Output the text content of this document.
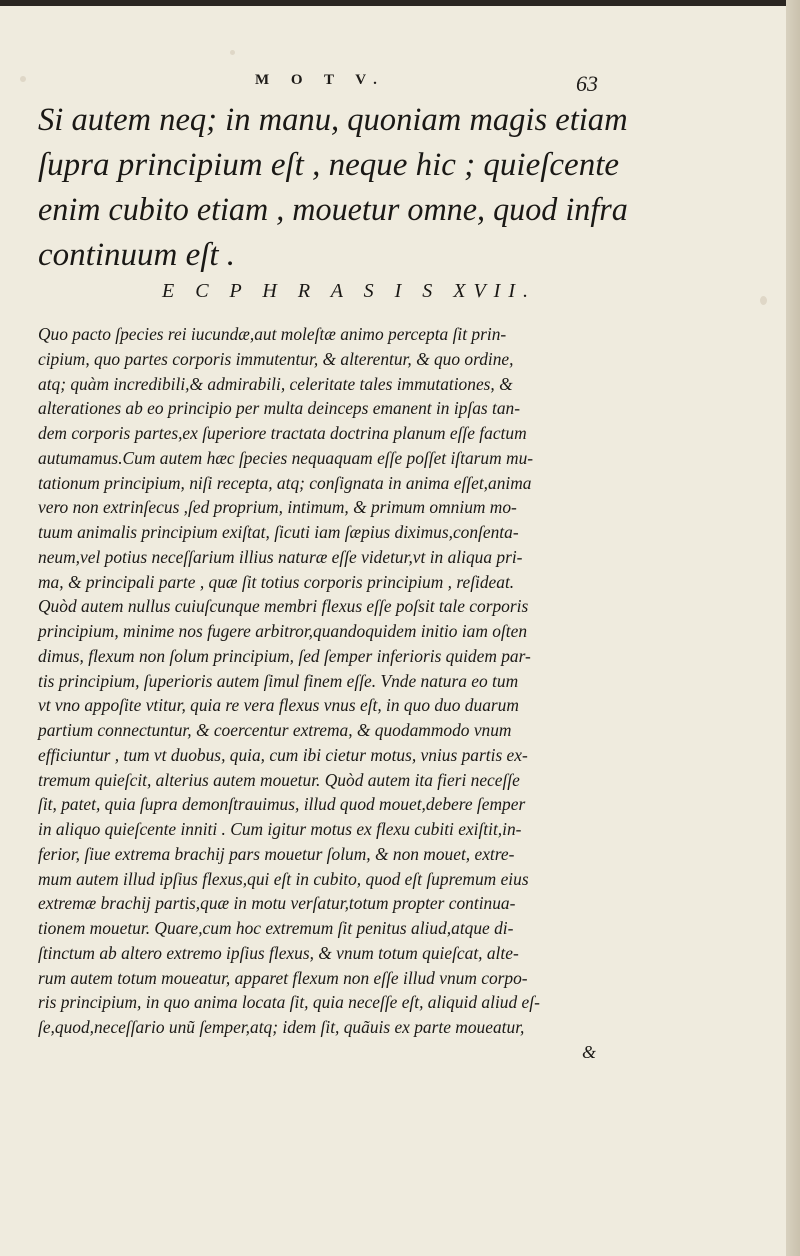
M O T V.	63
Si autem neq; in manu, quoniam magis etiam
ſupra principium eſt , neque hic ; quieſcente
enim cubito etiam , mouetur omne, quod infra
continuum eſt .
E C P H R A S I S XVII.
Quo pacto ſpecies rei iucundæ,aut moleſtæ animo percepta ſit prin-
cipium, quo partes corporis immutentur, & alterentur, & quo ordine,
atq; quàm incredibili,& admirabili, celeritate tales immutationes, &
alterationes ab eo principio per multa deinceps emanent in ipſas tan-
dem corporis partes,ex ſuperiore tractata doctrina planum eſſe factum
autumamus.Cum autem hæc ſpecies nequaquam eſſe poſſet iſtarum mu-
tationum principium, niſi recepta, atq; conſignata in anima eſſet,anima
vero non extrinſecus ,ſed proprium, intimum, & primum omnium mo-
tuum animalis principium exiſtat, ſicuti iam ſæpius diximus,conſenta-
neum,vel potius neceſſarium illius naturæ eſſe videtur,vt in aliqua pri-
ma, & principali parte , quæ ſit totius corporis principium , reſideat.
Quòd autem nullus cuiuſcunque membri flexus eſſe poſsit tale corporis
principium, minime nos fugere arbitror,quandoquidem initio iam oſten
dimus, flexum non ſolum principium, ſed ſemper inferioris quidem par-
tis principium, ſuperioris autem ſimul finem eſſe. Vnde natura eo tum
vt vno appoſite vtitur, quia re vera flexus vnus eſt, in quo duo duarum
partium connectuntur, & coercentur extrema, & quodammodo vnum
efficiuntur , tum vt duobus, quia, cum ibi cietur motus, vnius partis ex-
tremum quieſcit, alterius autem mouetur. Quòd autem ita fieri neceſſe
ſit, patet, quia ſupra demonſtrauimus, illud quod mouet,debere ſemper
in aliquo quieſcente inniti . Cum igitur motus ex flexu cubiti exiſtit,in-
ferior, ſiue extrema brachij pars mouetur ſolum, & non mouet, extre-
mum autem illud ipſius flexus,qui eſt in cubito, quod eſt ſupremum eius
extremæ brachij partis,quæ in motu verſatur,totum propter continua-
tionem mouetur. Quare,cum hoc extremum ſit penitus aliud,atque di-
ſtinctum ab altero extremo ipſius flexus, & vnum totum quieſcat, alte-
rum autem totum moueatur, apparet flexum non eſſe illud vnum corpo-
ris principium, in quo anima locata ſit, quia neceſſe eſt, aliquid aliud eſ-
ſe,quod,neceſſario unũ ſemper,atq; idem ſit, quãuis ex parte moueatur,
&
